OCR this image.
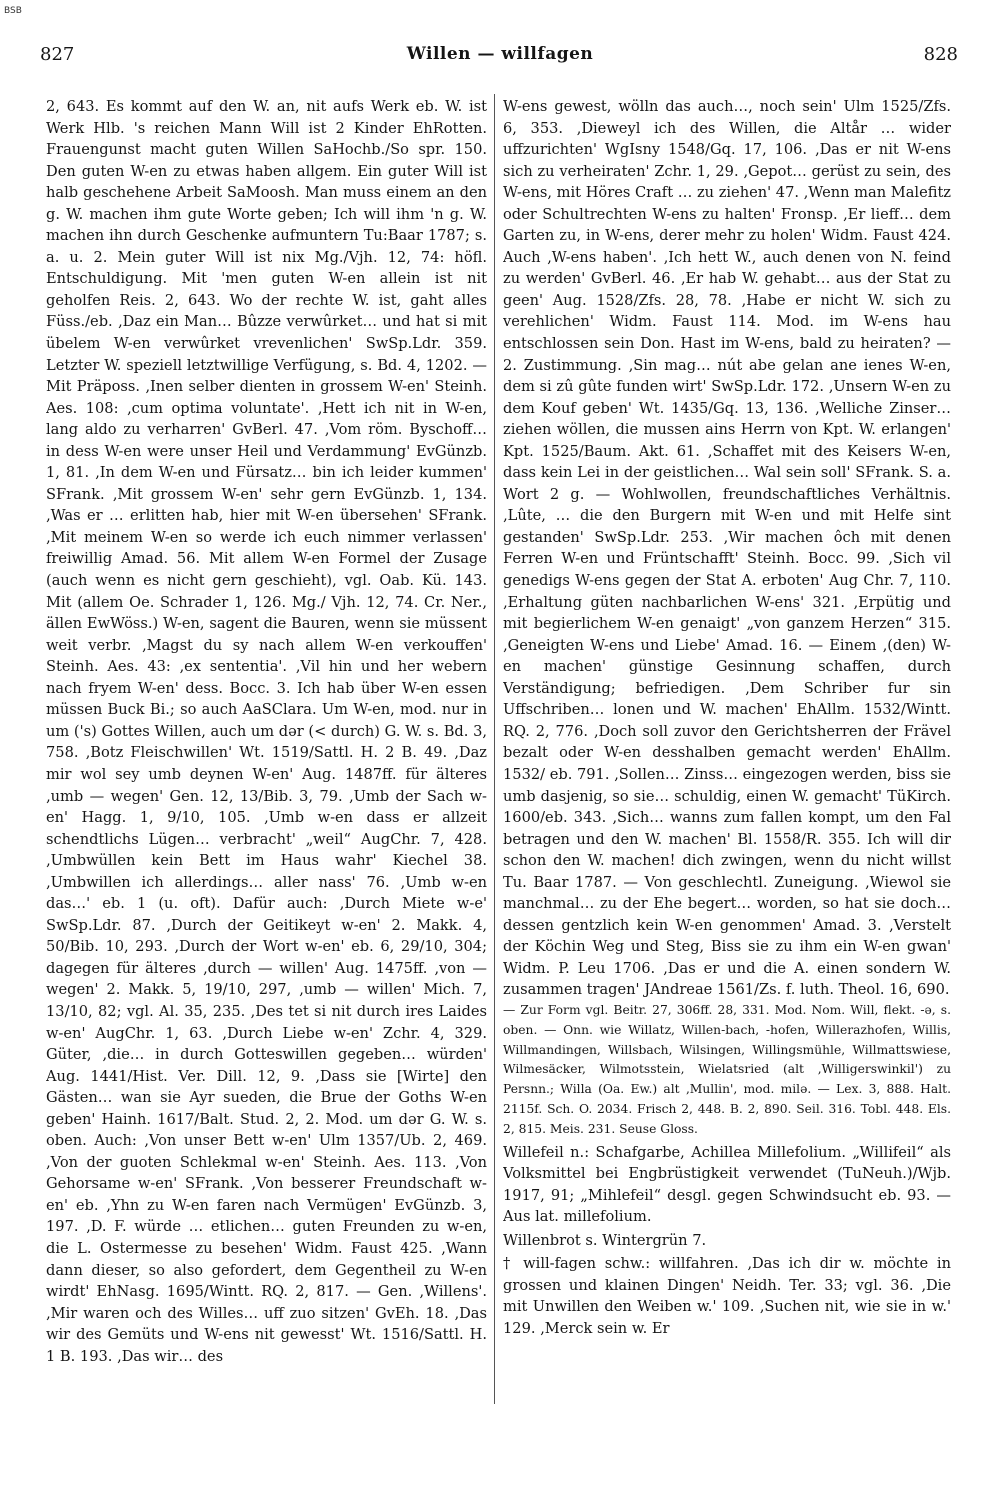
BSB
827	Willen — willfagen	828

2, 643. Es kommt auf den W. an, nit aufs Werk eb. W. ist Werk Hlb. 's reichen Mann Will ist 2 Kinder EhRotten. Frauengunst macht guten Willen SaHochb./So spr. 150. Den guten W-en zu etwas haben allgem. Ein guter Will ist halb geschehene Arbeit SaMoosh. Man muss einem an den g. W. machen ihm gute Worte geben; Ich will ihm 'n g. W. machen ihn durch Geschenke aufmuntern Tu:Baar 1787; s. a. u. 2. Mein guter Will ist nix Mg./Vjh. 12, 74: höfl. Entschuldigung. Mit 'men guten W-en allein ist nit geholfen Reis. 2, 643. Wo der rechte W. ist, gaht alles Füss./eb. ‚Daz ein Man… Bûzze verwûrket… und hat si mit übelem W-en verwûrket vrevenlichen' SwSp.Ldr. 359. Letzter W. speziell letztwillige Verfügung, s. Bd. 4, 1202. — Mit Präposs. ‚Inen selber dienten in grossem W-en' Steinh. Aes. 108: ‚cum optima voluntate'. ‚Hett ich nit in W-en, lang aldo zu verharren' GvBerl. 47. ‚Vom röm. Byschoff… in dess W-en were unser Heil und Verdammung' EvGünzb. 1, 81. ‚In dem W-en und Fürsatz… bin ich leider kummen' SFrank. ‚Mit grossem W-en' sehr gern EvGünzb. 1, 134. ‚Was er … erlitten hab, hier mit W-en übersehen' SFrank. ‚Mit meinem W-en so werde ich euch nimmer verlassen' freiwillig Amad. 56. Mit allem W-en Formel der Zusage (auch wenn es nicht gern geschieht), vgl. Oab. Kü. 143. Mit (allem Oe. Schrader 1, 126. Mg./ Vjh. 12, 74. Cr. Ner., ällen EwWöss.) W-en, sagent die Bauren, wenn sie müssent weit verbr. ‚Magst du sy nach allem W-en verkouffen' Steinh. Aes. 43: ‚ex sententia'. ‚Vil hin und her webern nach fryem W-en' dess. Bocc. 3. Ich hab über W-en essen müssen Buck Bi.; so auch AaSClara. Um W-en, mod. nur in um ('s) Gottes Willen, auch um dər (< durch) G. W. s. Bd. 3, 758. ‚Botz Fleischwillen' Wt. 1519/Sattl. H. 2 B. 49. ‚Daz mir wol sey umb deynen W-en' Aug. 1487ff. für älteres ‚umb — wegen' Gen. 12, 13/Bib. 3, 79. ‚Umb der Sach w-en' Hagg. 1, 9/10, 105. ‚Umb w-en dass er allzeit schendtlichs Lügen… verbracht' „weil“ AugChr. 7, 428. ‚Umbwüllen kein Bett im Haus wahr' Kiechel 38. ‚Umbwillen ich allerdings… aller nass' 76. ‚Umb w-en das…' eb. 1 (u. oft). Dafür auch: ‚Durch Miete w-e' SwSp.Ldr. 87. ‚Durch der Geitikeyt w-en' 2. Makk. 4, 50/Bib. 10, 293. ‚Durch der Wort w-en' eb. 6, 29/10, 304; dagegen für älteres ‚durch — willen' Aug. 1475ff. ‚von — wegen' 2. Makk. 5, 19/10, 297, ‚umb — willen' Mich. 7, 13/10, 82; vgl. Al. 35, 235. ‚Des tet si nit durch ires Laides w-en' AugChr. 1, 63. ‚Durch Liebe w-en' Zchr. 4, 329. Güter, ‚die… in durch Gotteswillen gegeben… würden' Aug. 1441/Hist. Ver. Dill. 12, 9. ‚Dass sie [Wirte] den Gästen… wan sie Ayr sueden, die Brue der Goths W-en geben' Hainh. 1617/Balt. Stud. 2, 2. Mod. um dər G. W. s. oben. Auch: ‚Von unser Bett w-en' Ulm 1357/Ub. 2, 469. ‚Von der guoten Schlekmal w-en' Steinh. Aes. 113. ‚Von Gehorsame w-en' SFrank. ‚Von besserer Freundschaft w-en' eb. ‚Yhn zu W-en faren nach Vermügen' EvGünzb. 3, 197. ‚D. F. würde … etlichen… guten Freunden zu w-en, die L. Ostermesse zu besehen' Widm. Faust 425. ‚Wann dann dieser, so also gefordert, dem Gegentheil zu W-en wirdt' EhNasg. 1695/Wintt. RQ. 2, 817. — Gen. ‚Willens'. ‚Mir waren och des Willes… uff zuo sitzen' GvEh. 18. ‚Das wir des Gemüts und W-ens nit gewesst' Wt. 1516/Sattl. H. 1 B. 193. ‚Das wir… des

W-ens gewest, wölln das auch…, noch sein' Ulm 1525/Zfs. 6, 353. ‚Dieweyl ich des Willen, die Altår … wider uffzurichten' WgIsny 1548/Gq. 17, 106. ‚Das er nit W-ens sich zu verheiraten' Zchr. 1, 29. ‚Gepot… gerüst zu sein, des W-ens, mit Höres Craft … zu ziehen' 47. ‚Wenn man Malefitz oder Schultrechten W-ens zu halten' Fronsp. ‚Er lieff… dem Garten zu, in W-ens, derer mehr zu holen' Widm. Faust 424. Auch ‚W-ens haben'. ‚Ich hett W., auch denen von N. feind zu werden' GvBerl. 46. ‚Er hab W. gehabt… aus der Stat zu geen' Aug. 1528/Zfs. 28, 78. ‚Habe er nicht W. sich zu verehlichen' Widm. Faust 114. Mod. im W-ens hau entschlossen sein Don. Hast im W-ens, bald zu heiraten? — 2. Zustimmung. ‚Sin mag… nút abe gelan ane ienes W-en, dem si zû gûte funden wirt' SwSp.Ldr. 172. ‚Unsern W-en zu dem Kouf geben' Wt. 1435/Gq. 13, 136. ‚Welliche Zinser… ziehen wöllen, die mussen ains Herrn von Kpt. W. erlangen' Kpt. 1525/Baum. Akt. 61. ‚Schaffet mit des Keisers W-en, dass kein Lei in der geistlichen… Wal sein soll' SFrank. S. a. Wort 2 g. — Wohlwollen, freundschaftliches Verhältnis. ‚Lûte, … die den Burgern mit W-en und mit Helfe sint gestanden' SwSp.Ldr. 253. ‚Wir machen ôch mit denen Ferren W-en und Früntschafft' Steinh. Bocc. 99. ‚Sich vil genedigs W-ens gegen der Stat A. erboten' Aug Chr. 7, 110. ‚Erhaltung güten nachbarlichen W-ens' 321. ‚Erpütig und mit begierlichem W-en genaigt' „von ganzem Herzen“ 315. ‚Geneigten W-ens und Liebe' Amad. 16. — Einem ‚(den) W-en machen' günstige Gesinnung schaffen, durch Verständigung; befriedigen. ‚Dem Schriber fur sin Uffschriben… lonen und W. machen' EhAllm. 1532/Wintt. RQ. 2, 776. ‚Doch soll zuvor den Gerichtsherren der Frävel bezalt oder W-en desshalben gemacht werden' EhAllm. 1532/ eb. 791. ‚Sollen… Zinss… eingezogen werden, biss sie umb dasjenig, so sie… schuldig, einen W. gemacht' TüKirch. 1600/eb. 343. ‚Sich… wanns zum fallen kompt, um den Fal betragen und den W. machen' Bl. 1558/R. 355. Ich will dir schon den W. machen! dich zwingen, wenn du nicht willst Tu. Baar 1787. — Von geschlechtl. Zuneigung. ‚Wiewol sie manchmal… zu der Ehe begert… worden, so hat sie doch… dessen gentzlich kein W-en genommen' Amad. 3. ‚Verstelt der Köchin Weg und Steg, Biss sie zu ihm ein W-en gwan' Widm. P. Leu 1706. ‚Das er und die A. einen sondern W. zusammen tragen' JAndreae 1561/Zs. f. luth. Theol. 16, 690.

— Zur Form vgl. Beitr. 27, 306ff. 28, 331. Mod. Nom. Will, flekt. -ə, s. oben. — Onn. wie Willatz, Willen-bach, -hofen, Willerazhofen, Willis, Willmandingen, Willsbach, Wilsingen, Willingsmühle, Willmattswiese, Wilmesäcker, Wilmotsstein, Wielatsried (alt ‚Willigerswinkil') zu Persnn.; Willa (Oa. Ew.) alt ‚Mullin', mod. milə. — Lex. 3, 888. Halt. 2115f. Sch. O. 2034. Frisch 2, 448. B. 2, 890. Seil. 316. Tobl. 448. Els. 2, 815. Meis. 231. Seuse Gloss.

Willefeil n.: Schafgarbe, Achillea Millefolium. „Willifeil“ als Volksmittel bei Engbrüstigkeit verwendet (TuNeuh.)/Wjb. 1917, 91; „Mihlefeil“ desgl. gegen Schwindsucht eb. 93. — Aus lat. millefolium.

Willenbrot s. Wintergrün 7.

† will-fagen schw.: willfahren. ‚Das ich dir w. möchte in grossen und klainen Dingen' Neidh. Ter. 33; vgl. 36. ‚Die mit Unwillen den Weiben w.' 109. ‚Suchen nit, wie sie in w.' 129. ‚Merck sein w. Er
